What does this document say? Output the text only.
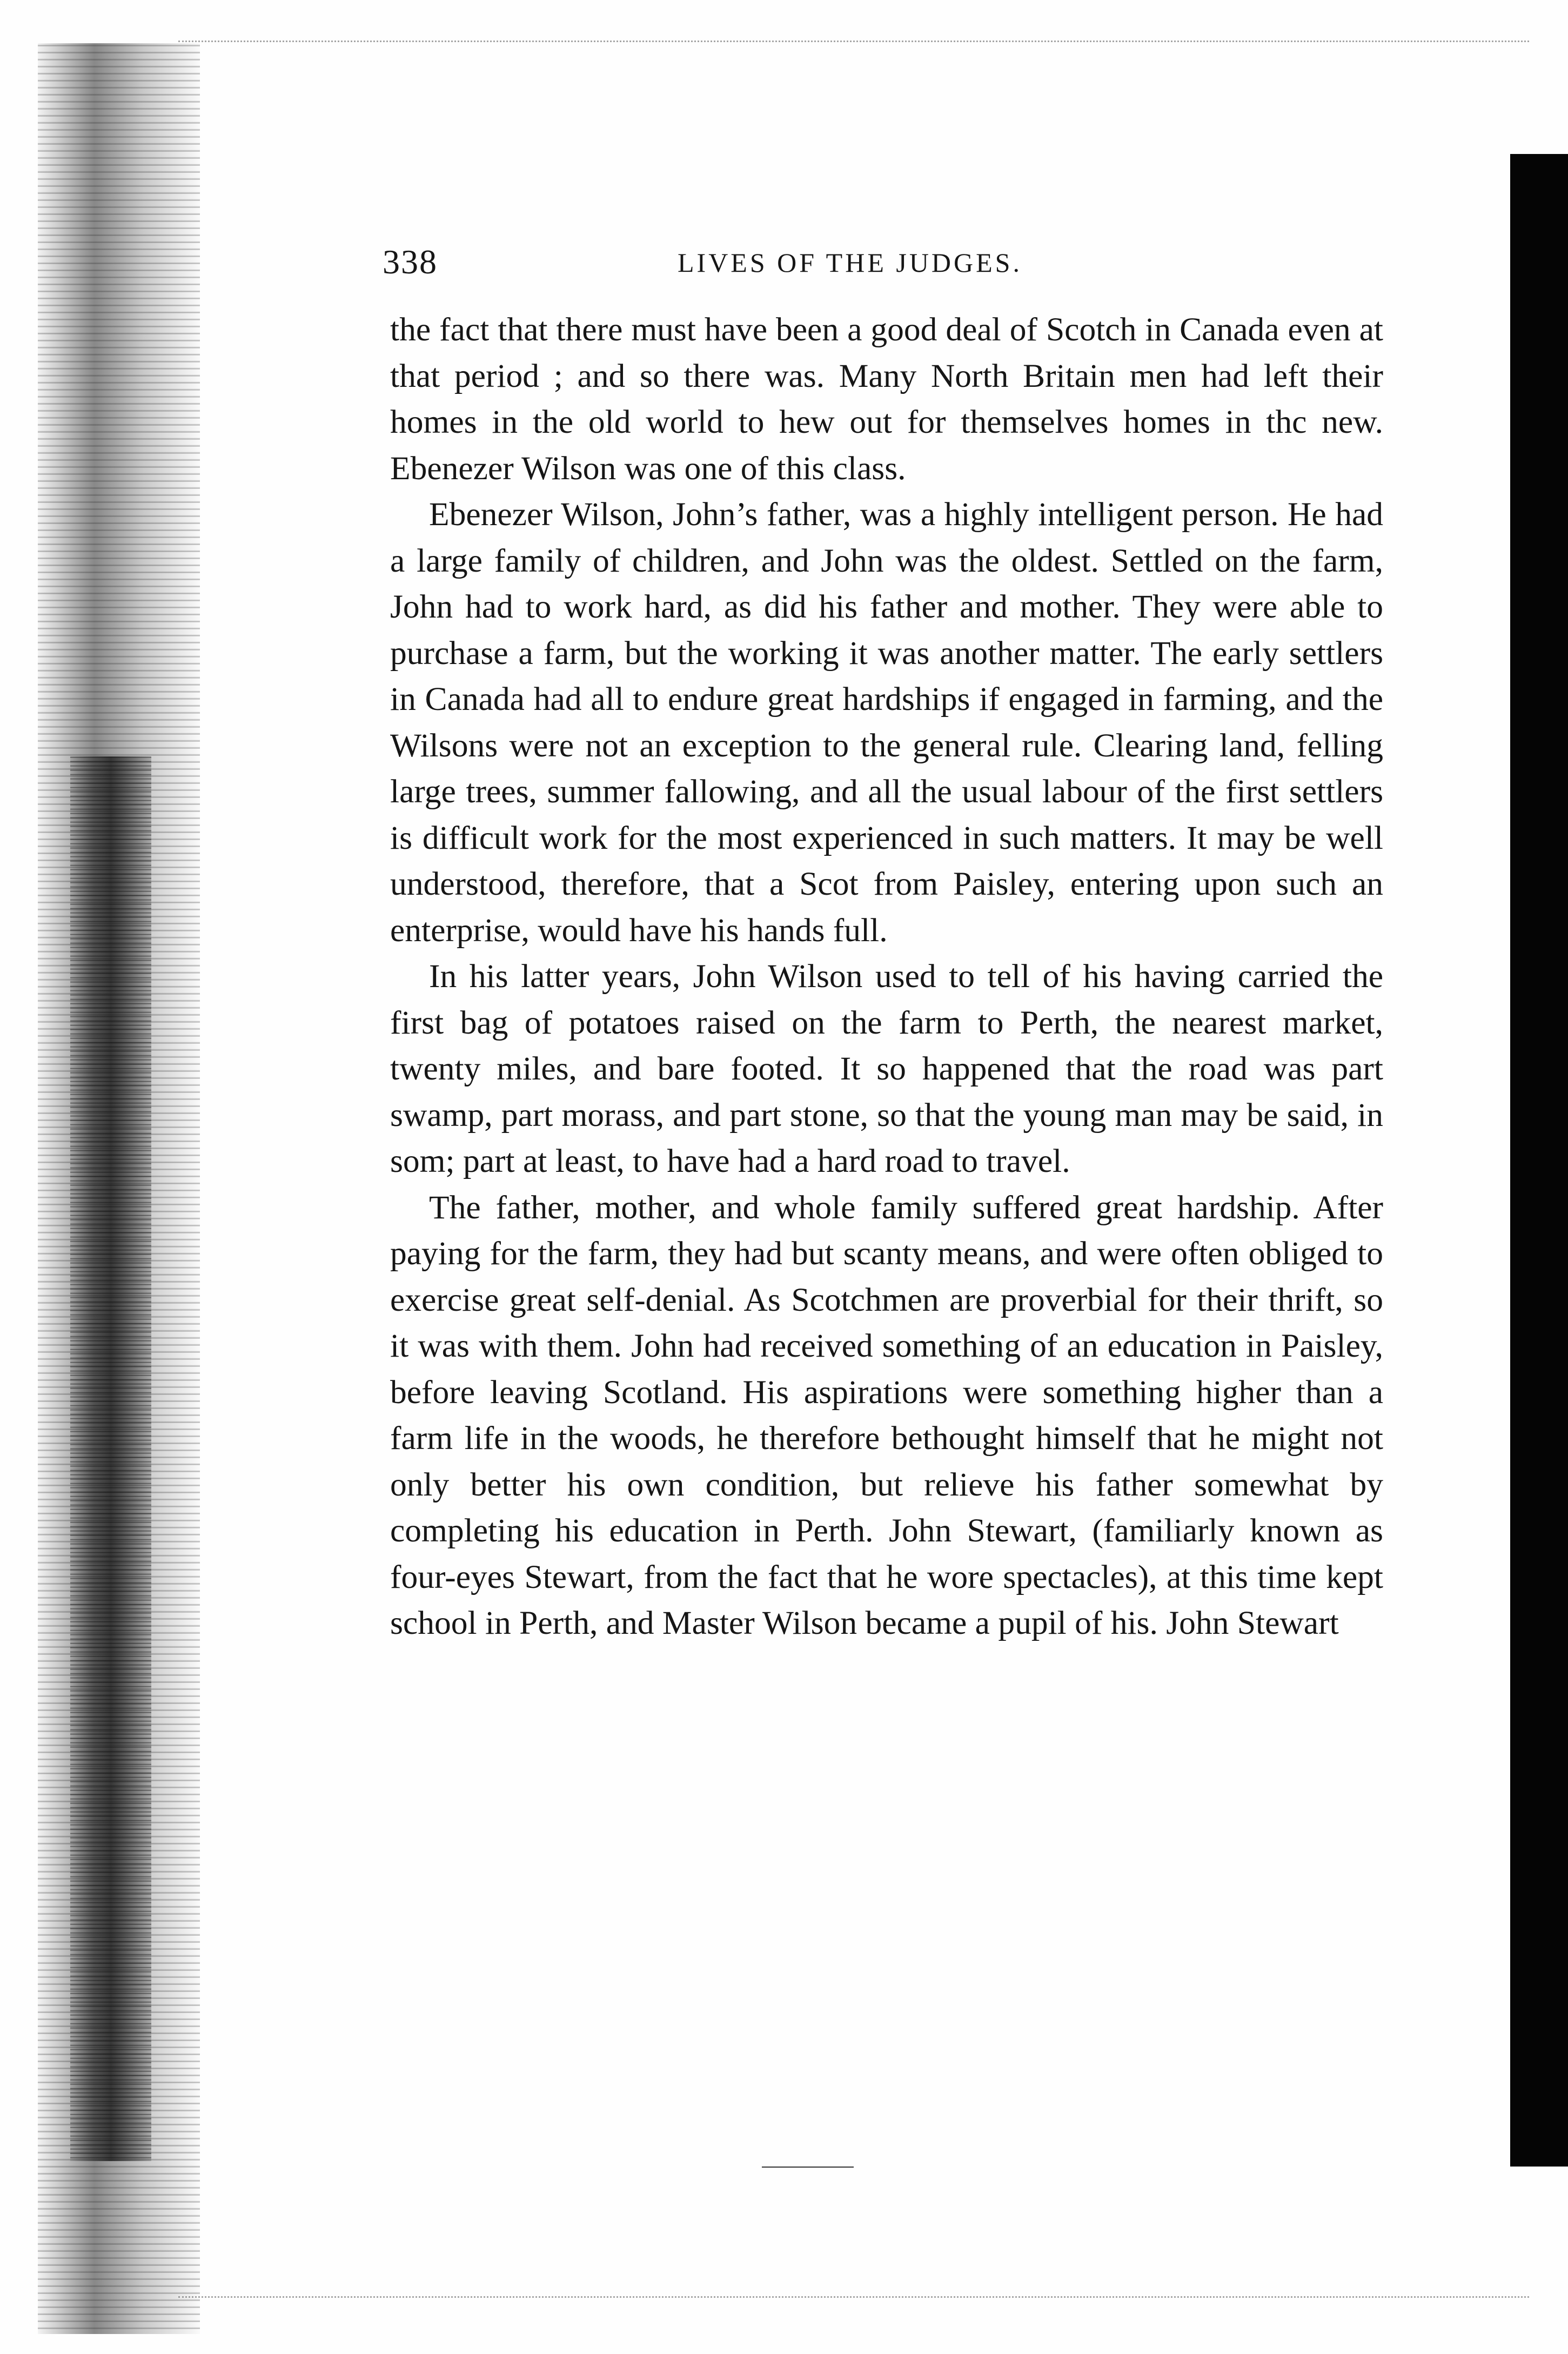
338	LIVES OF THE JUDGES.

the fact that there must have been a good deal of Scotch in Canada even at that period ; and so there was. Many North Britain men had left their homes in the old world to hew out for themselves homes in thc new. Ebenezer Wilson was one of this class.

Ebenezer Wilson, John’s father, was a highly intelligent person. He had a large family of children, and John was the oldest. Settled on the farm, John had to work hard, as did his father and mother. They were able to purchase a farm, but the working it was another matter. The early settlers in Canada had all to endure great hardships if engaged in farming, and the Wilsons were not an exception to the general rule. Clearing land, felling large trees, summer fallowing, and all the usual labour of the first settlers is difficult work for the most experienced in such matters. It may be well understood, therefore, that a Scot from Paisley, entering upon such an enterprise, would have his hands full.

In his latter years, John Wilson used to tell of his having carried the first bag of potatoes raised on the farm to Perth, the nearest market, twenty miles, and bare footed. It so happened that the road was part swamp, part morass, and part stone, so that the young man may be said, in som; part at least, to have had a hard road to travel.

The father, mother, and whole family suffered great hardship. After paying for the farm, they had but scanty means, and were often obliged to exercise great self-denial. As Scotchmen are proverbial for their thrift, so it was with them. John had received something of an education in Paisley, before leaving Scotland. His aspirations were something higher than a farm life in the woods, he therefore bethought himself that he might not only better his own condition, but relieve his father somewhat by completing his education in Perth. John Stewart, (familiarly known as four-eyes Stewart, from the fact that he wore spectacles), at this time kept school in Perth, and Master Wilson became a pupil of his. John Stewart
